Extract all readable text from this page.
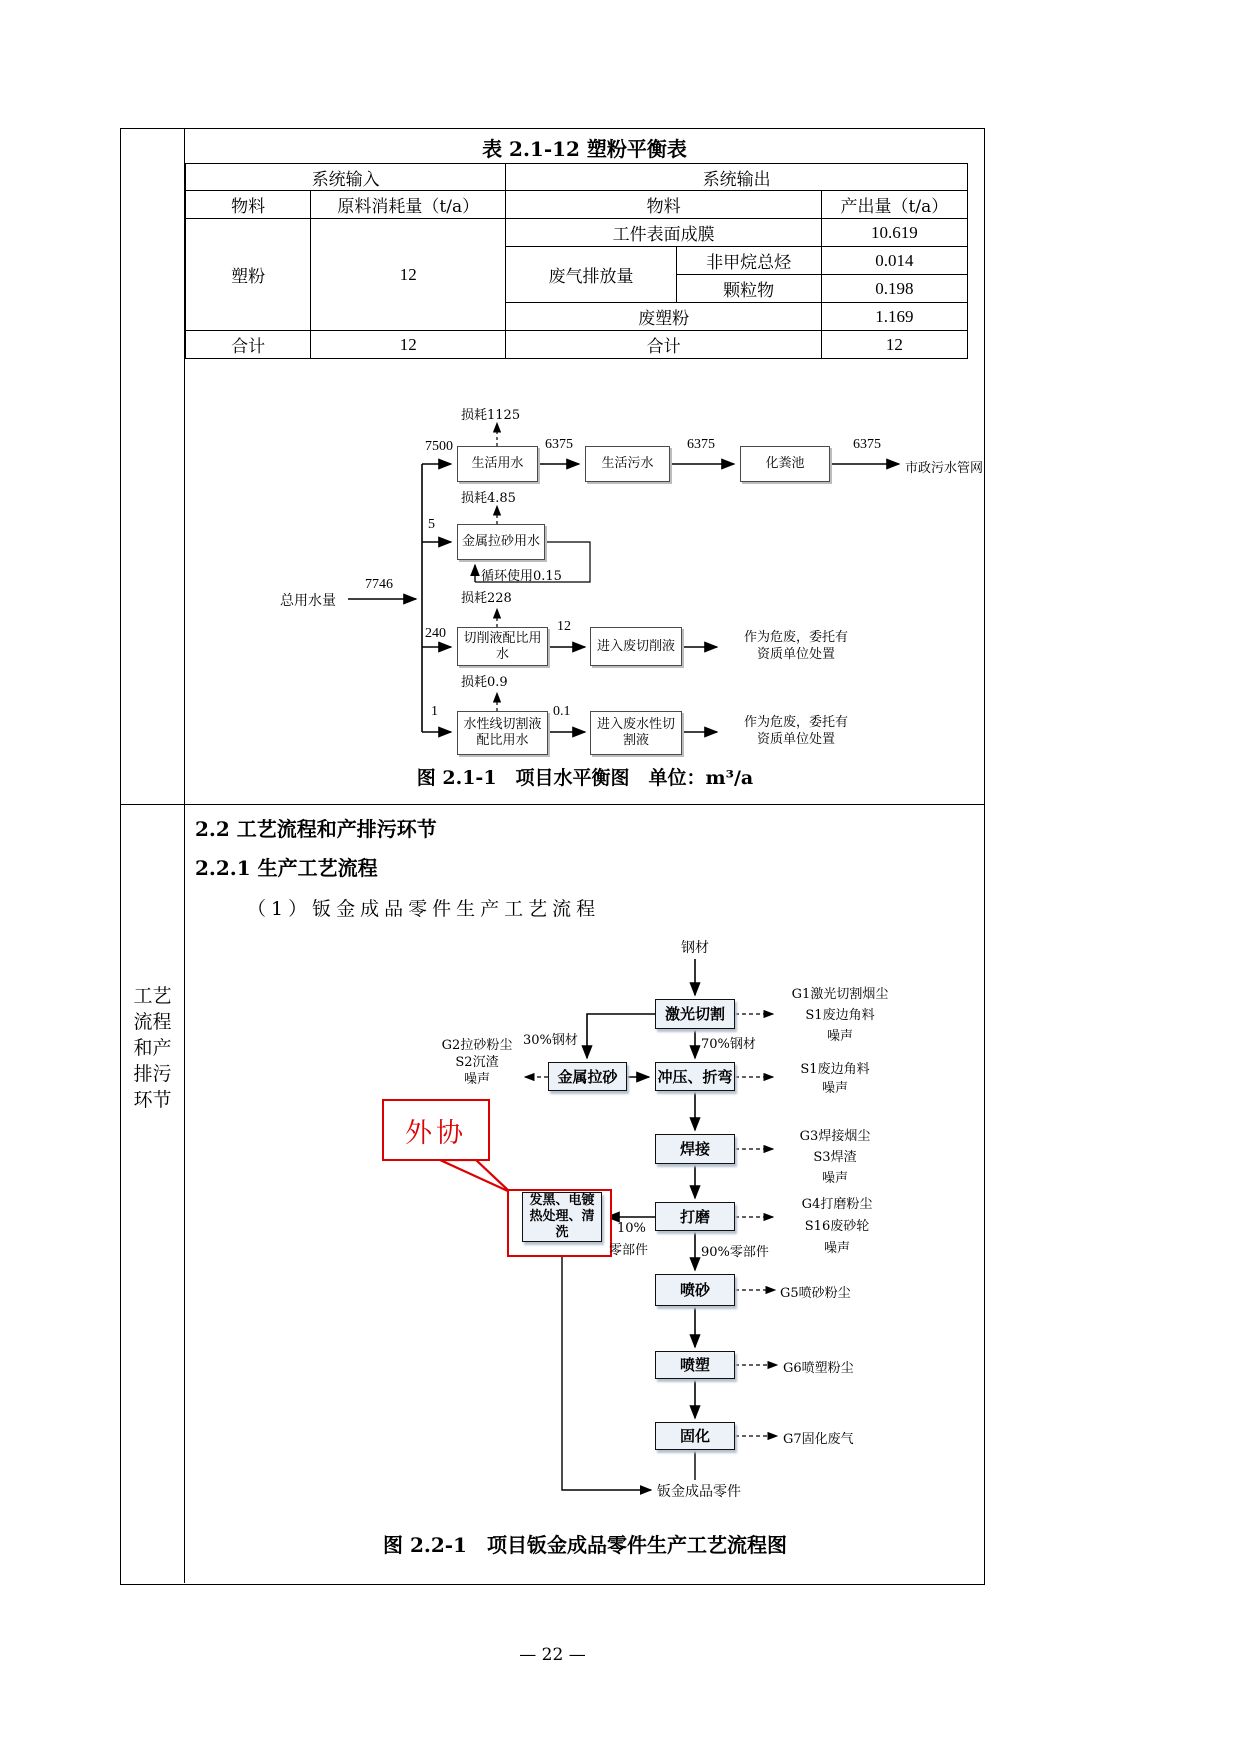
表 2.1-12 塑粉平衡表
系统输入		系统输出		
物料	原料消耗量（t/a）	物料		产出量（t/a）
塑粉	12	工件表面成膜		10.619
		废气排放量	非甲烷总烃	0.014
			颗粒物	0.198
		废塑粉		1.169
合计	12	合计		12
总用水量
7746
7500
损耗1125
生活用水
6375
生活污水
6375
化粪池
6375
市政污水管网
5
损耗4.85
金属拉砂用水
循环使用0.15
240
损耗228
切削液配比用水
12
进入废切削液
作为危废，委托有
资质单位处置
1
损耗0.9
水性线切割液配比用水
0.1
进入废水性切割液
作为危废，委托有
资质单位处置
图 2.1-1　项目水平衡图　单位：m³/a
工艺
流程
和产
排污
环节
2.2 工艺流程和产排污环节
2.2.1 生产工艺流程
（1）钣金成品零件生产工艺流程
钢材
激光切割
G1激光切割烟尘
S1废边角料
噪声
30%钢材	70%钢材
金属拉砂	冲压、折弯
G2拉砂粉尘
S2沉渣
噪声
S1废边角料
噪声
焊接
G3焊接烟尘
S3焊渣
噪声
外协
发黑、电镀热处理、清洗
打磨
10%
零部件
G4打磨粉尘
S16废砂轮
噪声
90%零部件
喷砂	G5喷砂粉尘
喷塑	G6喷塑粉尘
固化	G7固化废气
钣金成品零件
图 2.2-1　项目钣金成品零件生产工艺流程图
— 22 —
